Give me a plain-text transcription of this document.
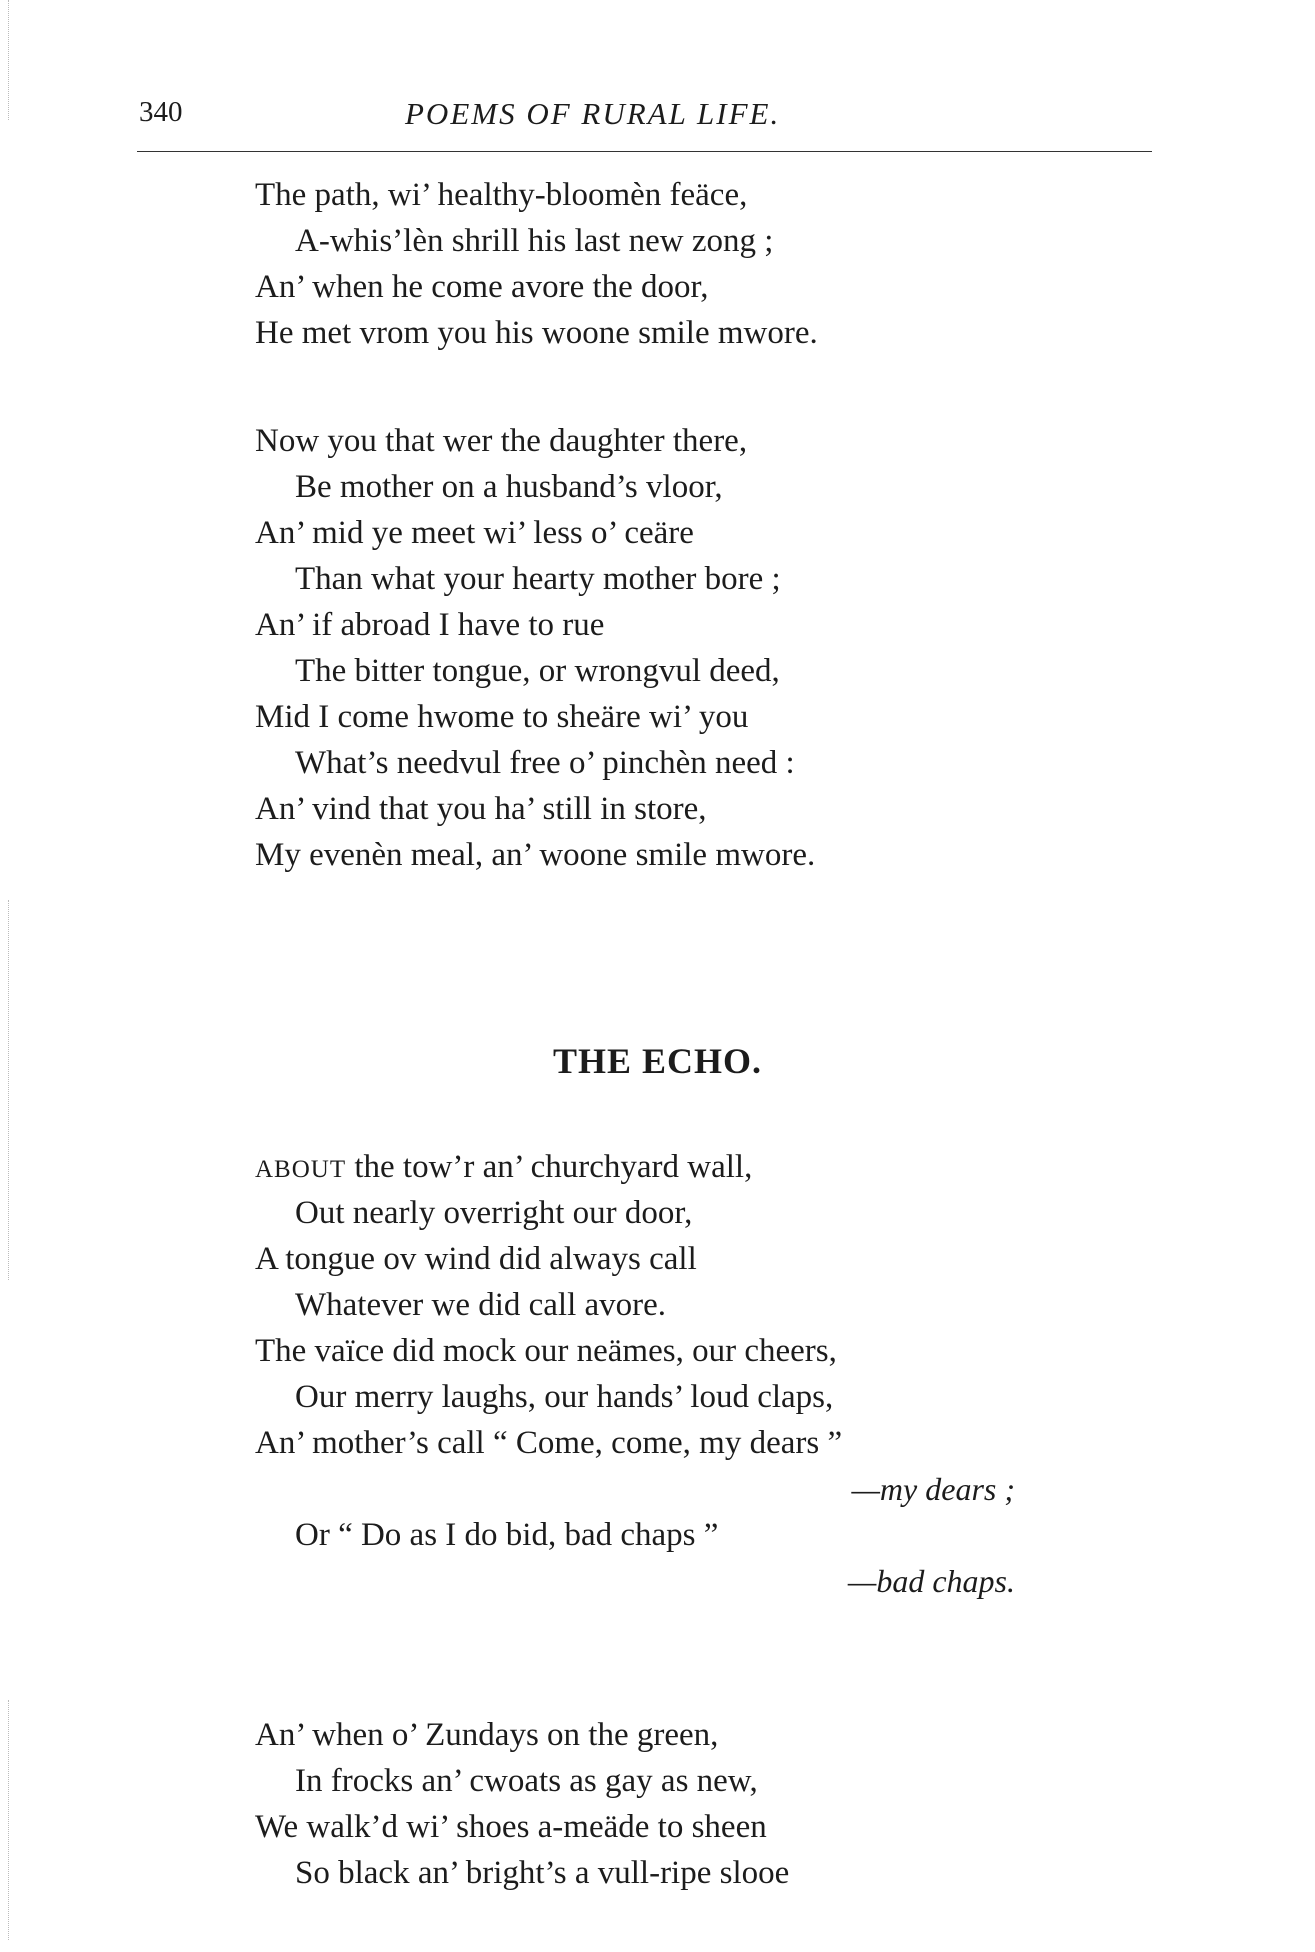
340	POEMS OF RURAL LIFE.
The path, wi’ healthy-bloomèn feäce,
A-whis’lèn shrill his last new zong ;
An’ when he come avore the door,
He met vrom you his woone smile mwore.
Now you that wer the daughter there,
Be mother on a husband’s vloor,
An’ mid ye meet wi’ less o’ ceäre
Than what your hearty mother bore ;
An’ if abroad I have to rue
The bitter tongue, or wrongvul deed,
Mid I come hwome to sheäre wi’ you
What’s needvul free o’ pinchèn need :
An’ vind that you ha’ still in store,
My evenèn meal, an’ woone smile mwore.
THE ECHO.
ABOUT the tow’r an’ churchyard wall,
Out nearly overright our door,
A tongue ov wind did always call
Whatever we did call avore.
The vaïce did mock our neämes, our cheers,
Our merry laughs, our hands’ loud claps,
An’ mother’s call “ Come, come, my dears ”
—my dears ;
Or “ Do as I do bid, bad chaps ”
—bad chaps.
An’ when o’ Zundays on the green,
In frocks an’ cwoats as gay as new,
We walk’d wi’ shoes a-meäde to sheen
So black an’ bright’s a vull-ripe slooe
